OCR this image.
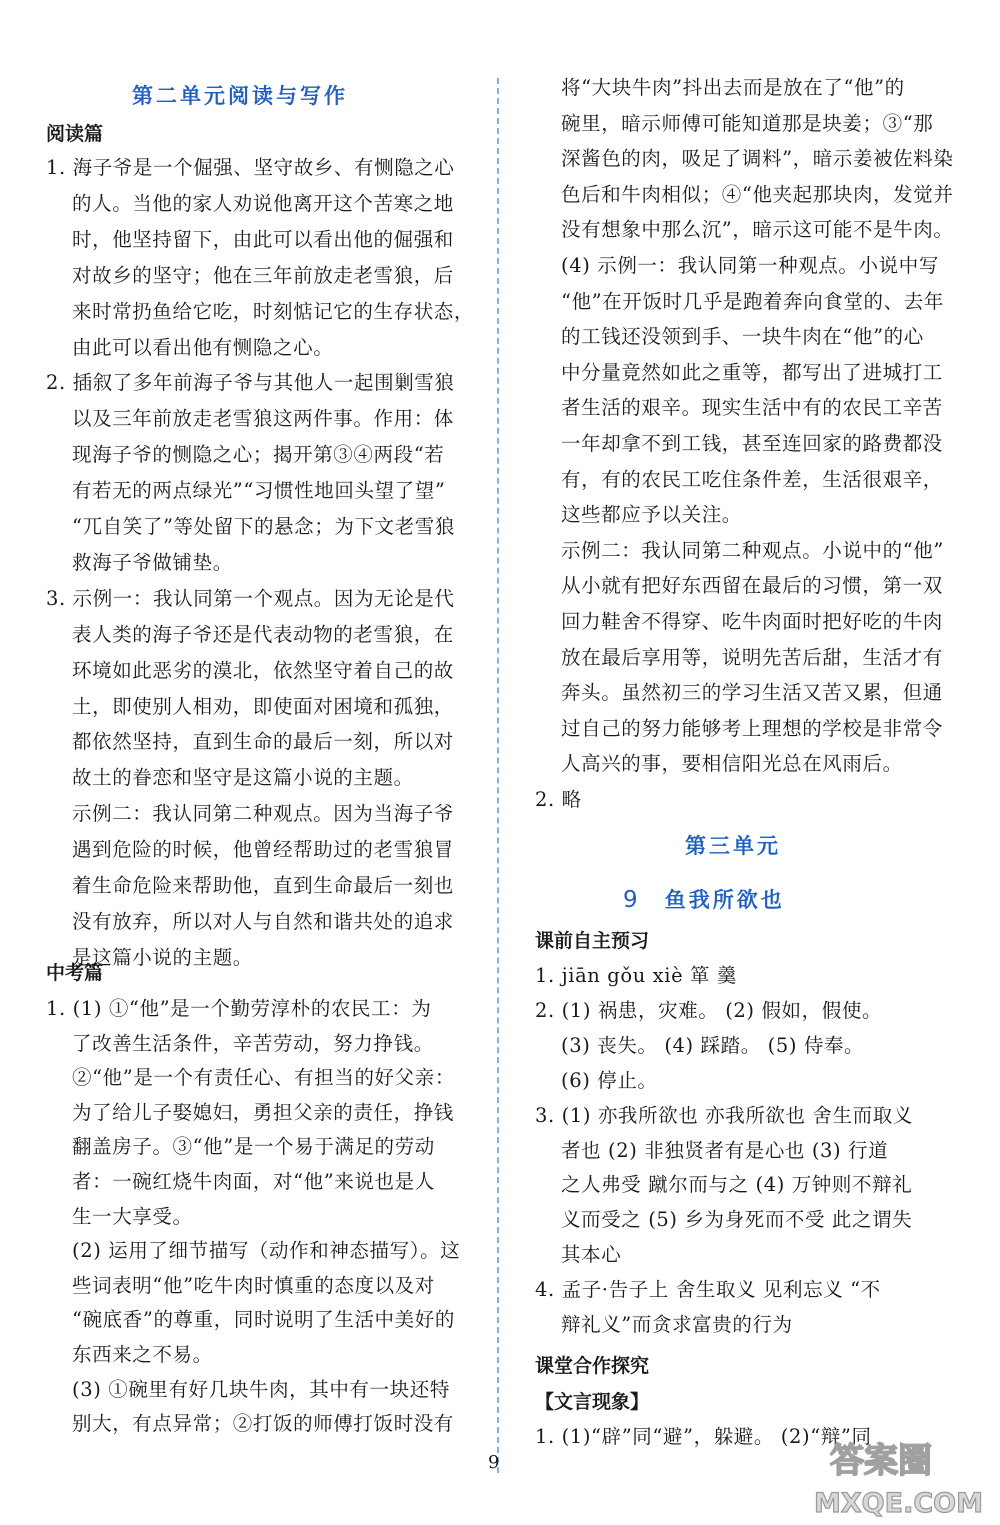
第二单元阅读与写作
阅读篇
1. 海子爷是一个倔强、坚守故乡、有恻隐之心
的人。当他的家人劝说他离开这个苦寒之地
时，他坚持留下，由此可以看出他的倔强和
对故乡的坚守；他在三年前放走老雪狼，后
来时常扔鱼给它吃，时刻惦记它的生存状态，
由此可以看出他有恻隐之心。
2. 插叙了多年前海子爷与其他人一起围剿雪狼
以及三年前放走老雪狼这两件事。作用：体
现海子爷的恻隐之心；揭开第③④两段“若
有若无的两点绿光”“习惯性地回头望了望”
“兀自笑了”等处留下的悬念；为下文老雪狼
救海子爷做铺垫。
3. 示例一：我认同第一个观点。因为无论是代
表人类的海子爷还是代表动物的老雪狼，在
环境如此恶劣的漠北，依然坚守着自己的故
土，即使别人相劝，即使面对困境和孤独，
都依然坚持，直到生命的最后一刻，所以对
故土的眷恋和坚守是这篇小说的主题。
示例二：我认同第二种观点。因为当海子爷
遇到危险的时候，他曾经帮助过的老雪狼冒
着生命危险来帮助他，直到生命最后一刻也
没有放弃，所以对人与自然和谐共处的追求
是这篇小说的主题。
中考篇
1. (1) ①“他”是一个勤劳淳朴的农民工：为
了改善生活条件，辛苦劳动，努力挣钱。
②“他”是一个有责任心、有担当的好父亲：
为了给儿子娶媳妇，勇担父亲的责任，挣钱
翻盖房子。③“他”是一个易于满足的劳动
者：一碗红烧牛肉面，对“他”来说也是人
生一大享受。
(2) 运用了细节描写（动作和神态描写）。这
些词表明“他”吃牛肉时慎重的态度以及对
“碗底香”的尊重，同时说明了生活中美好的
东西来之不易。
(3) ①碗里有好几块牛肉，其中有一块还特
别大，有点异常；②打饭的师傅打饭时没有
将“大块牛肉”抖出去而是放在了“他”的
碗里，暗示师傅可能知道那是块姜；③“那
深酱色的肉，吸足了调料”，暗示姜被佐料染
色后和牛肉相似；④“他夹起那块肉，发觉并
没有想象中那么沉”，暗示这可能不是牛肉。
(4) 示例一：我认同第一种观点。小说中写
“他”在开饭时几乎是跑着奔向食堂的、去年
的工钱还没领到手、一块牛肉在“他”的心
中分量竟然如此之重等，都写出了进城打工
者生活的艰辛。现实生活中有的农民工辛苦
一年却拿不到工钱，甚至连回家的路费都没
有，有的农民工吃住条件差，生活很艰辛，
这些都应予以关注。
示例二：我认同第二种观点。小说中的“他”
从小就有把好东西留在最后的习惯，第一双
回力鞋舍不得穿、吃牛肉面时把好吃的牛肉
放在最后享用等，说明先苦后甜，生活才有
奔头。虽然初三的学习生活又苦又累，但通
过自己的努力能够考上理想的学校是非常令
人高兴的事，要相信阳光总在风雨后。
2. 略
第三单元
9 鱼我所欲也
课前自主预习
1. jiān gǒu xiè 箪 羹
2. (1) 祸患，灾难。 (2) 假如，假使。
(3) 丧失。 (4) 踩踏。 (5) 侍奉。
(6) 停止。
3. (1) 亦我所欲也 亦我所欲也 舍生而取义
者也 (2) 非独贤者有是心也 (3) 行道
之人弗受 蹴尔而与之 (4) 万钟则不辩礼
义而受之 (5) 乡为身死而不受 此之谓失
其本心
4. 孟子·告子上 舍生取义 见利忘义 “不
辩礼义”而贪求富贵的行为
课堂合作探究
【文言现象】
1. (1)“辟”同“避”，躲避。 (2)“辩”同
9	答案圈
MXQE.COM
